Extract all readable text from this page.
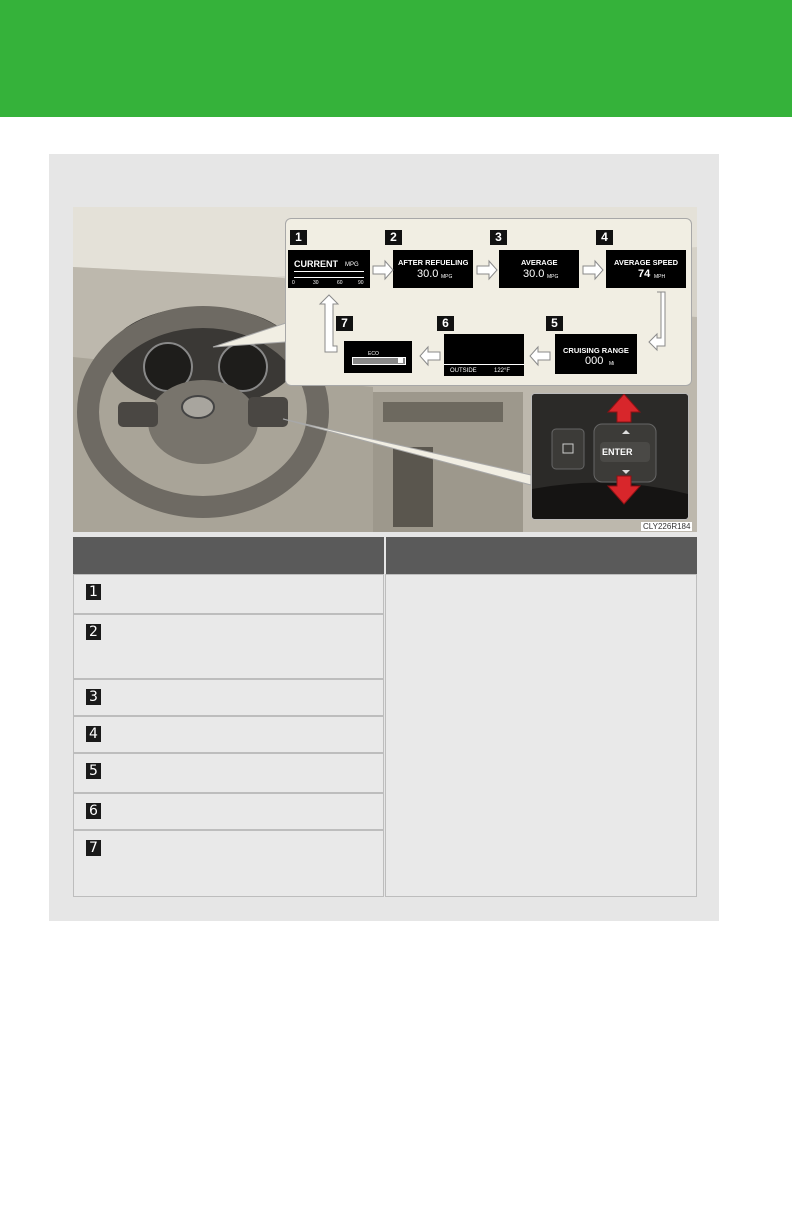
1
CURRENT MPG
0	30	60	90
2
AFTER REFUELING
30.0 MPG
3
AVERAGE
30.0 MPG
4
AVERAGE SPEED
74 MPH
5
CRUISING RANGE
000 Mi
6
OUTSIDE	122°F
7
ECO
ENTER
CLY226R184
1
2
3
4
5
6
7
